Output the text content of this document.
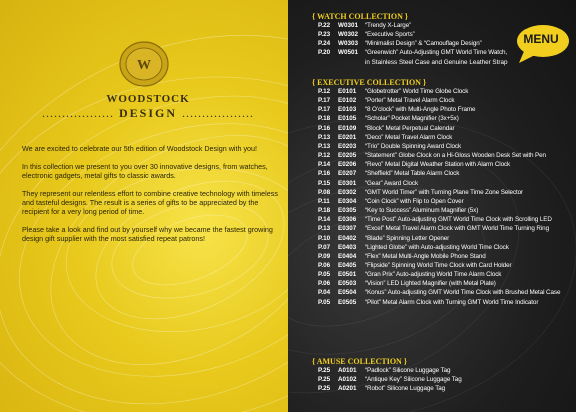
W
WOODSTOCK
.................. DESIGN ..................

We are excited to celebrate our 5th edition of Woodstock Design with you!

In this collection we present to you over 30 innovative designs, from watches, electronic gadgets, metal gifts to classic awards.

They represent our relentless effort to combine creative technology with timeless and tasteful designs. The result is a series of gifts to be appreciated by the recipient for a very long period of time.

Please take a look and find out by yourself why we became the fastest growing design gift supplier with the most satisfied repeat patrons!

MENU
{ WATCH COLLECTION }
{ EXECUTIVE COLLECTION }
{ AMUSE COLLECTION }
P.22	W0301	“Trendy X-Large”
P.23	W0302	“Executive Sports”
P.24	W0303	“Minimalist Design” & “Camouflage Design”
P.20	W0501	“Greenwich” Auto-Adjusting GMT World Time Watch,
in Stainless Steel Case and Genuine Leather Strap
P.12	E0101	“Globetrotter” World Time Globe Clock
P.17	E0102	“Porter” Metal Travel Alarm Clock
P.17	E0103	“8 O’clock” with Multi-Angle Photo Frame
P.18	E0105	“Scholar” Pocket Magnifier (3x+5x)
P.16	E0109	“Block” Metal Perpetual Calendar
P.13	E0201	“Deco” Metal Travel Alarm Clock
P.13	E0203	“Trio” Double Spinning Award Clock
P.12	E0205	“Statement” Globe Clock on a Hi-Gloss Wooden Desk Set with Pen
P.14	E0206	“Revo” Metal Digital Weather Station with Alarm Clock
P.16	E0207	“Sheffield” Metal Table Alarm Clock
P.15	E0301	“Gear” Award Clock
P.08	E0302	“GMT World Timer” with Turning Plane Time Zone Selector
P.11	E0304	“Coin Clock” with Flip to Open Cover
P.18	E0305	“Key to Success” Aluminum Magnifier (5x)
P.14	E0306	“Time Post” Auto-adjusting GMT World Time Clock with Scrolling LED
P.13	E0307	“Excel” Metal Travel Alarm Clock with GMT World Time Turning Ring
P.10	E0402	“Blade” Spinning Letter Opener
P.07	E0403	“Lighted Globe” with Auto-adjusting World Time Clock
P.09	E0404	“Flex” Metal Multi-Angle Mobile Phone Stand
P.06	E0405	“Flipside” Spinning World Time Clock with Card Holder
P.05	E0501	“Gran Prix” Auto-adjusting World Time Alarm Clock
P.06	E0503	“Vision” LED Lighted Magnifier (with Metal Plate)
P.04	E0504	“Konus” Auto-adjusting GMT World Time Clock with Brushed Metal Case
P.05	E0505	“Pilot” Metal Alarm Clock with Turning GMT World Time Indicator
P.25	A0101	“Padlock” Silicone Luggage Tag
P.25	A0102	“Antique Key” Silicone Luggage Tag
P.25	A0201	“Robot” Silicone Luggage Tag
